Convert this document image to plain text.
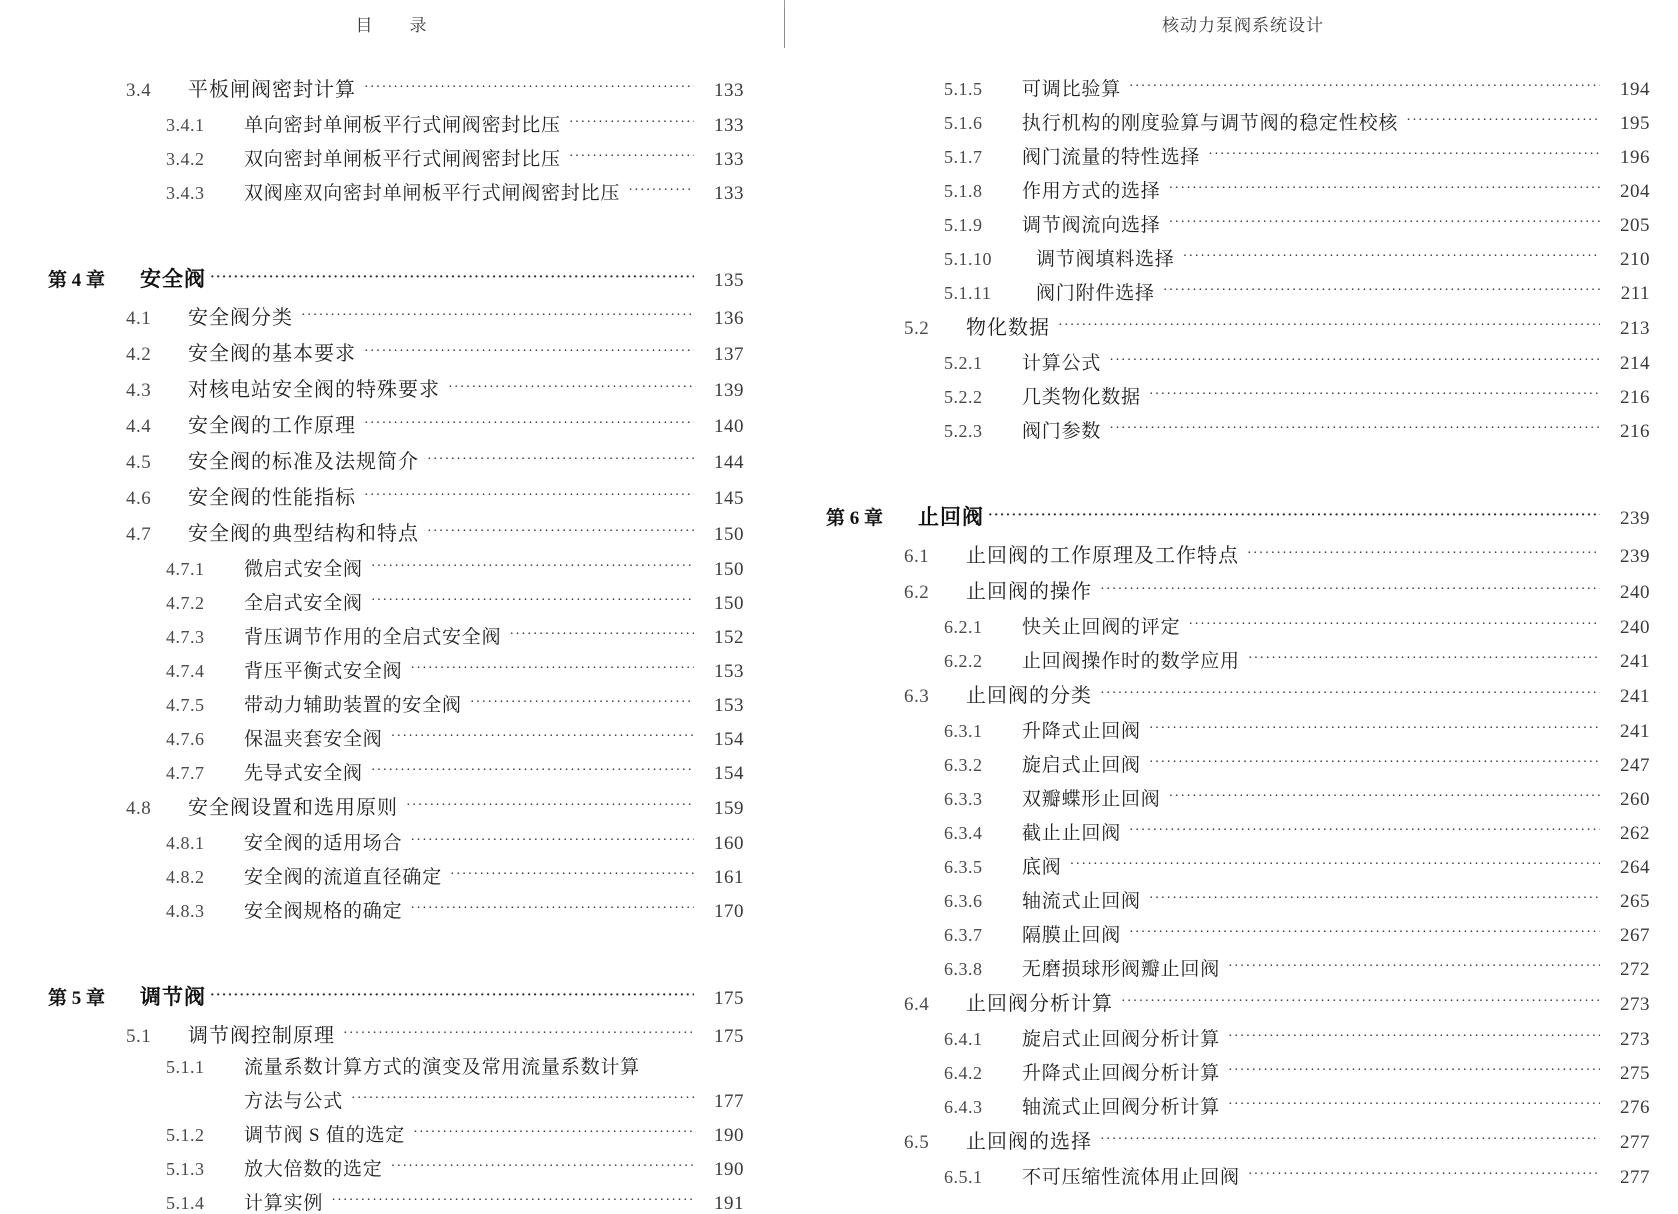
目　录
3.4	平板闸阀密封计算 ·····	133
3.4.1	单向密封单闸板平行式闸阀密封比压 ·····	133
3.4.2	双向密封单闸板平行式闸阀密封比压 ·····	133
3.4.3	双阀座双向密封单闸板平行式闸阀密封比压 ·····	133
第 4 章	安全阀 ·····	135
4.1	安全阀分类 ·····	136
4.2	安全阀的基本要求 ·····	137
4.3	对核电站安全阀的特殊要求 ·····	139
4.4	安全阀的工作原理 ·····	140
4.5	安全阀的标准及法规简介 ·····	144
4.6	安全阀的性能指标 ·····	145
4.7	安全阀的典型结构和特点 ·····	150
4.7.1	微启式安全阀 ·····	150
4.7.2	全启式安全阀 ·····	150
4.7.3	背压调节作用的全启式安全阀 ·····	152
4.7.4	背压平衡式安全阀 ·····	153
4.7.5	带动力辅助装置的安全阀 ·····	153
4.7.6	保温夹套安全阀 ·····	154
4.7.7	先导式安全阀 ·····	154
4.8	安全阀设置和选用原则 ·····	159
4.8.1	安全阀的适用场合 ·····	160
4.8.2	安全阀的流道直径确定 ·····	161
4.8.3	安全阀规格的确定 ·····	170
第 5 章	调节阀 ·····	175
5.1	调节阀控制原理 ·····	175
5.1.1	流量系数计算方式的演变及常用流量系数计算
方法与公式 ·····	177
5.1.2	调节阀 S 值的选定 ·····	190
5.1.3	放大倍数的选定 ·····	190
5.1.4	计算实例 ·····	191
核动力泵阀系统设计
5.1.5	可调比验算 ·····	194
5.1.6	执行机构的刚度验算与调节阀的稳定性校核 ·····	195
5.1.7	阀门流量的特性选择 ·····	196
5.1.8	作用方式的选择 ·····	204
5.1.9	调节阀流向选择 ·····	205
5.1.10	调节阀填料选择 ·····	210
5.1.11	阀门附件选择 ·····	211
5.2	物化数据 ·····	213
5.2.1	计算公式 ·····	214
5.2.2	几类物化数据 ·····	216
5.2.3	阀门参数 ·····	216
第 6 章	止回阀 ·····	239
6.1	止回阀的工作原理及工作特点 ·····	239
6.2	止回阀的操作 ·····	240
6.2.1	快关止回阀的评定 ·····	240
6.2.2	止回阀操作时的数学应用 ·····	241
6.3	止回阀的分类 ·····	241
6.3.1	升降式止回阀 ·····	241
6.3.2	旋启式止回阀 ·····	247
6.3.3	双瓣蝶形止回阀 ·····	260
6.3.4	截止止回阀 ·····	262
6.3.5	底阀 ·····	264
6.3.6	轴流式止回阀 ·····	265
6.3.7	隔膜止回阀 ·····	267
6.3.8	无磨损球形阀瓣止回阀 ·····	272
6.4	止回阀分析计算 ·····	273
6.4.1	旋启式止回阀分析计算 ·····	273
6.4.2	升降式止回阀分析计算 ·····	275
6.4.3	轴流式止回阀分析计算 ·····	276
6.5	止回阀的选择 ·····	277
6.5.1	不可压缩性流体用止回阀 ·····	277
